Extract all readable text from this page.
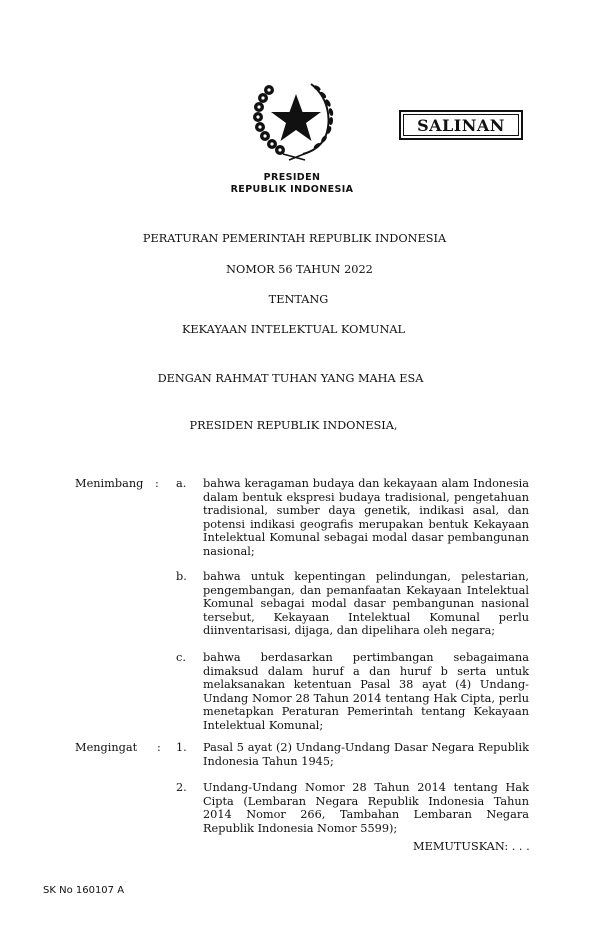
SALINAN
PRESIDEN
REPUBLIK INDONESIA
PERATURAN PEMERINTAH REPUBLIK INDONESIA
NOMOR 56 TAHUN 2022
TENTANG
KEKAYAAN INTELEKTUAL KOMUNAL
DENGAN RAHMAT TUHAN YANG MAHA ESA
PRESIDEN REPUBLIK INDONESIA,
Menimbang : a. bahwa keragaman budaya dan kekayaan alam Indonesia dalam bentuk ekspresi budaya tradisional, pengetahuan tradisional, sumber daya genetik, indikasi asal, dan potensi indikasi geografis merupakan bentuk Kekayaan Intelektual Komunal sebagai modal dasar pembangunan nasional;
b. bahwa untuk kepentingan pelindungan, pelestarian, pengembangan, dan pemanfaatan Kekayaan Intelektual Komunal sebagai modal dasar pembangunan nasional tersebut, Kekayaan Intelektual Komunal perlu diinventarisasi, dijaga, dan dipelihara oleh negara;
c. bahwa berdasarkan pertimbangan sebagaimana dimaksud dalam huruf a dan huruf b serta untuk melaksanakan ketentuan Pasal 38 ayat (4) Undang-Undang Nomor 28 Tahun 2014 tentang Hak Cipta, perlu menetapkan Peraturan Pemerintah tentang Kekayaan Intelektual Komunal;
Mengingat : 1. Pasal 5 ayat (2) Undang-Undang Dasar Negara Republik Indonesia Tahun 1945;
2. Undang-Undang Nomor 28 Tahun 2014 tentang Hak Cipta (Lembaran Negara Republik Indonesia Tahun 2014 Nomor 266, Tambahan Lembaran Negara Republik Indonesia Nomor 5599);
MEMUTUSKAN: . . .
SK No 160107 A
